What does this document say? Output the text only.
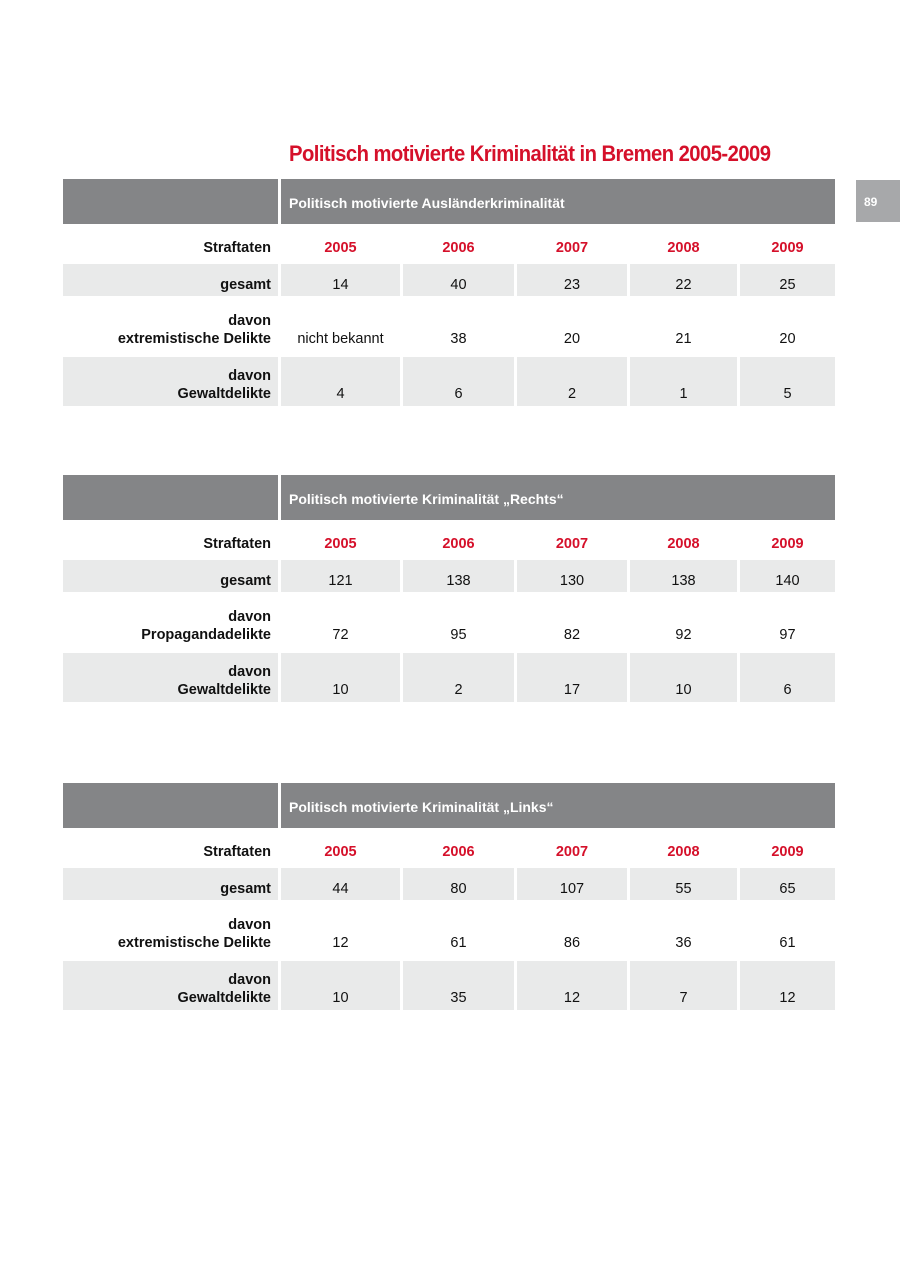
Politisch motivierte Kriminalität in Bremen 2005-2009
89
Politisch motivierte Ausländerkriminalität
Straftaten	2005	2006	2007	2008	2009
gesamt	14	40	23	22	25
davon
extremistische Delikte	nicht bekannt	38	20	21	20
davon
Gewaltdelikte	4	6	2	1	5
Politisch motivierte Kriminalität „Rechts“
Straftaten	2005	2006	2007	2008	2009
gesamt	121	138	130	138	140
davon
Propagandadelikte	72	95	82	92	97
davon
Gewaltdelikte	10	2	17	10	6
Politisch motivierte Kriminalität „Links“
Straftaten	2005	2006	2007	2008	2009
gesamt	44	80	107	55	65
davon
extremistische Delikte	12	61	86	36	61
davon
Gewaltdelikte	10	35	12	7	12
